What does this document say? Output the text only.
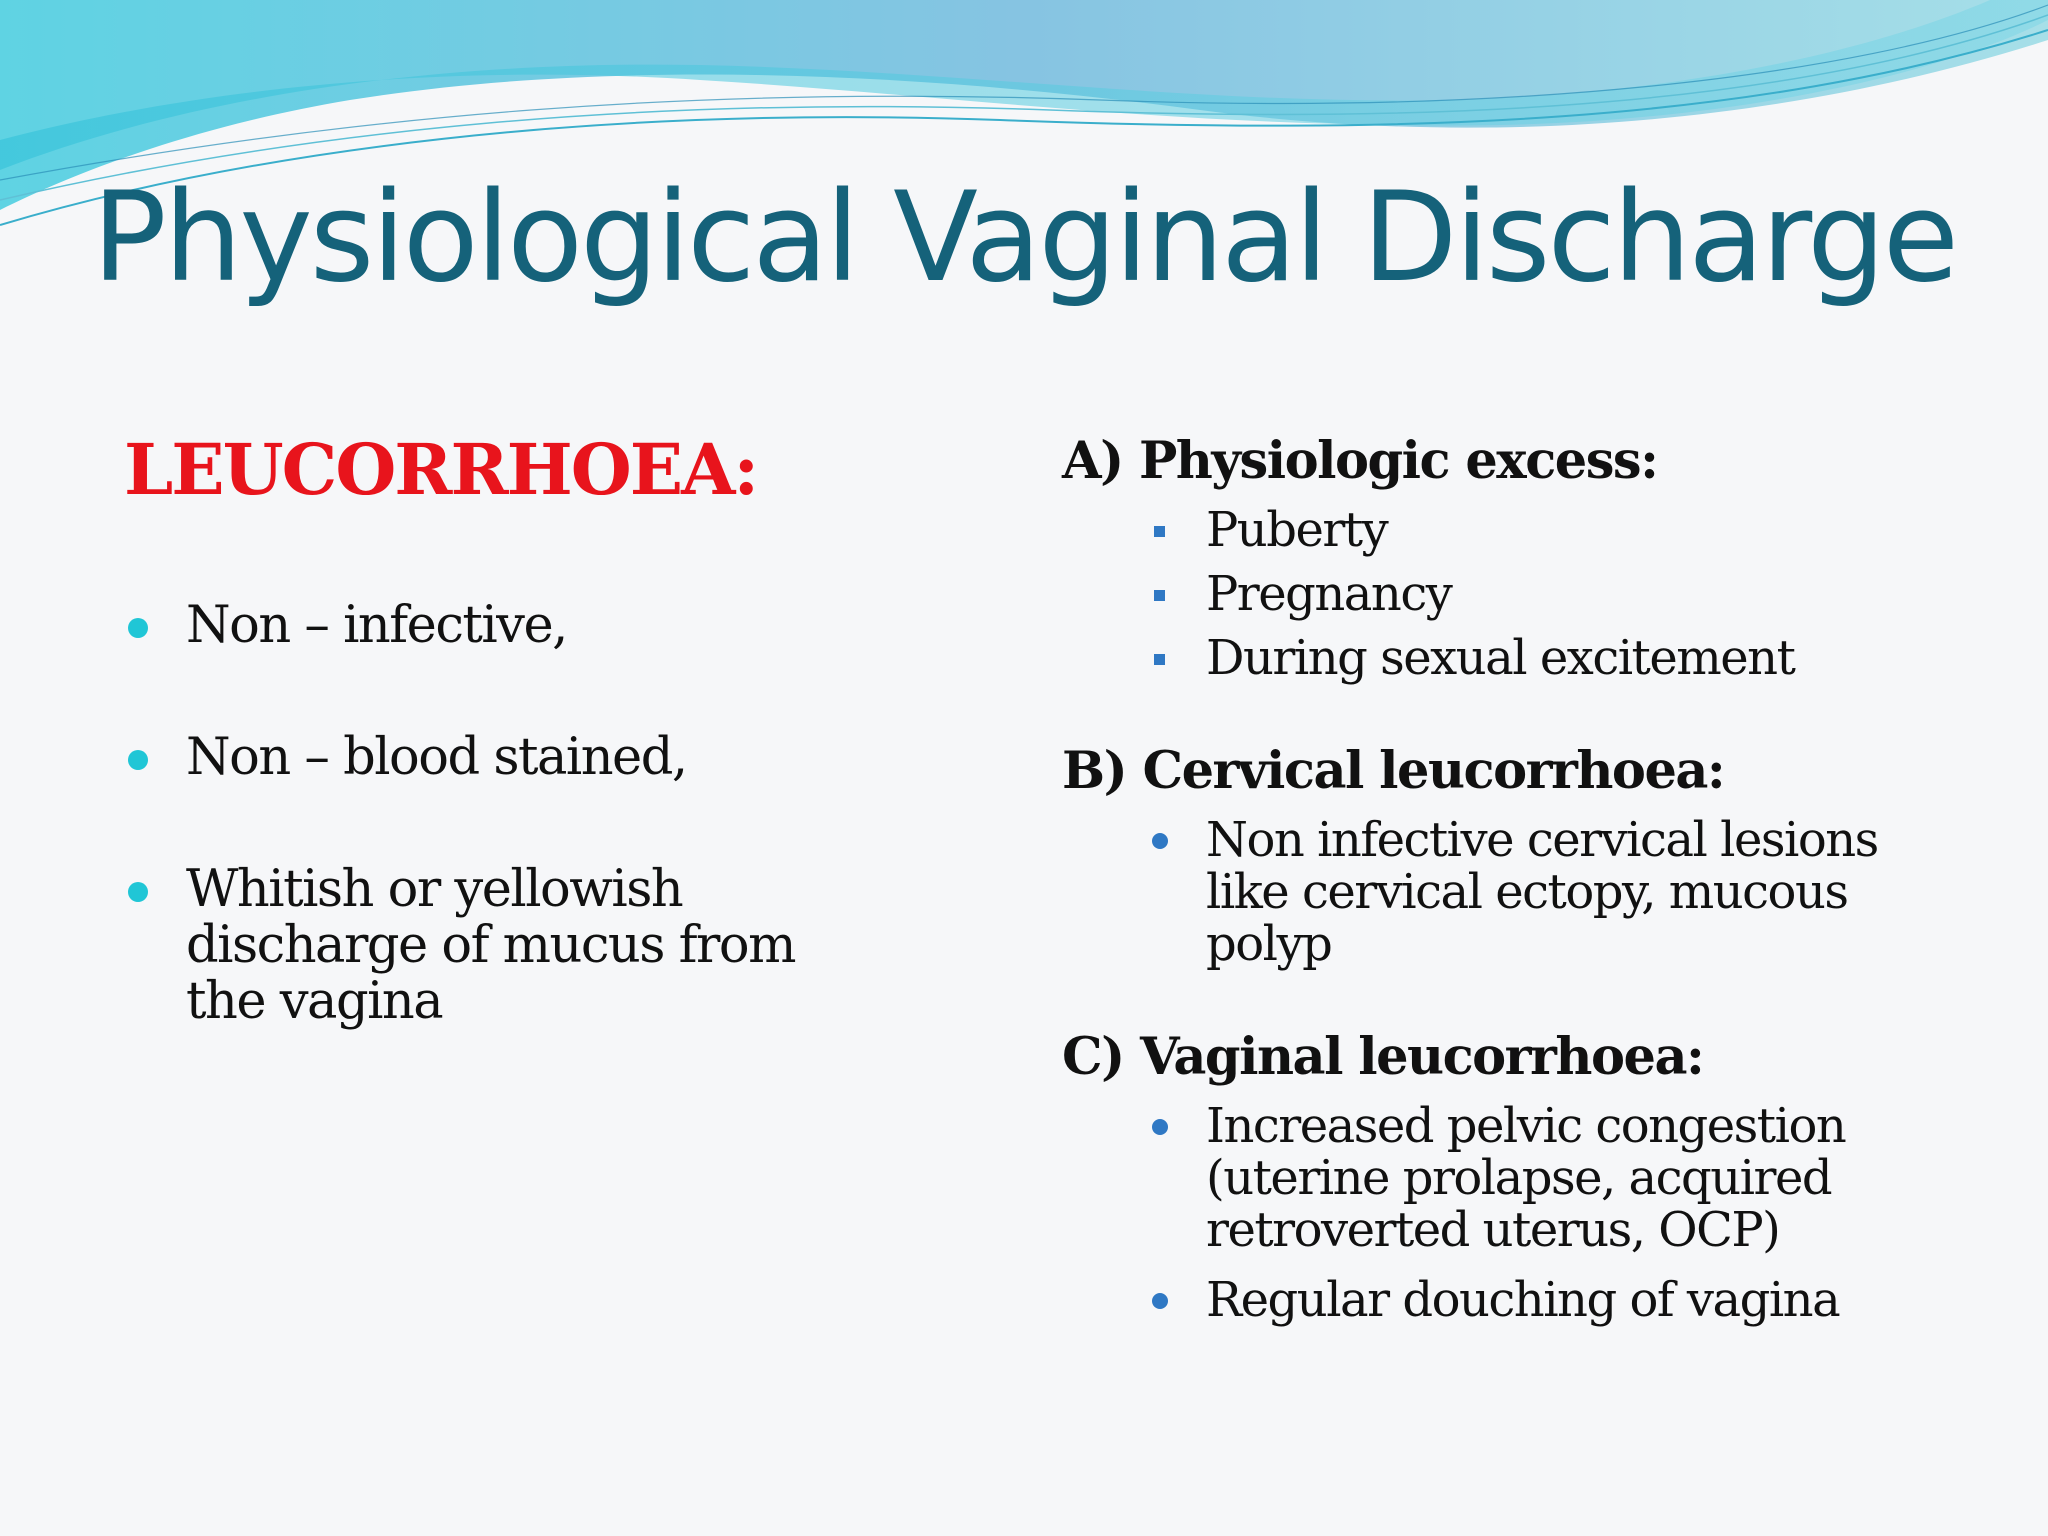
Physiological Vaginal Discharge
LEUCORRHOEA:
Non – infective,
Non – blood stained,
Whitish or yellowish discharge of mucus from the vagina
A) Physiologic excess:
Puberty
Pregnancy
During sexual excitement
B) Cervical leucorrhoea:
Non infective cervical lesions like cervical ectopy, mucous polyp
C) Vaginal leucorrhoea:
Increased pelvic congestion (uterine prolapse, acquired retroverted uterus, OCP)
Regular douching of vagina
